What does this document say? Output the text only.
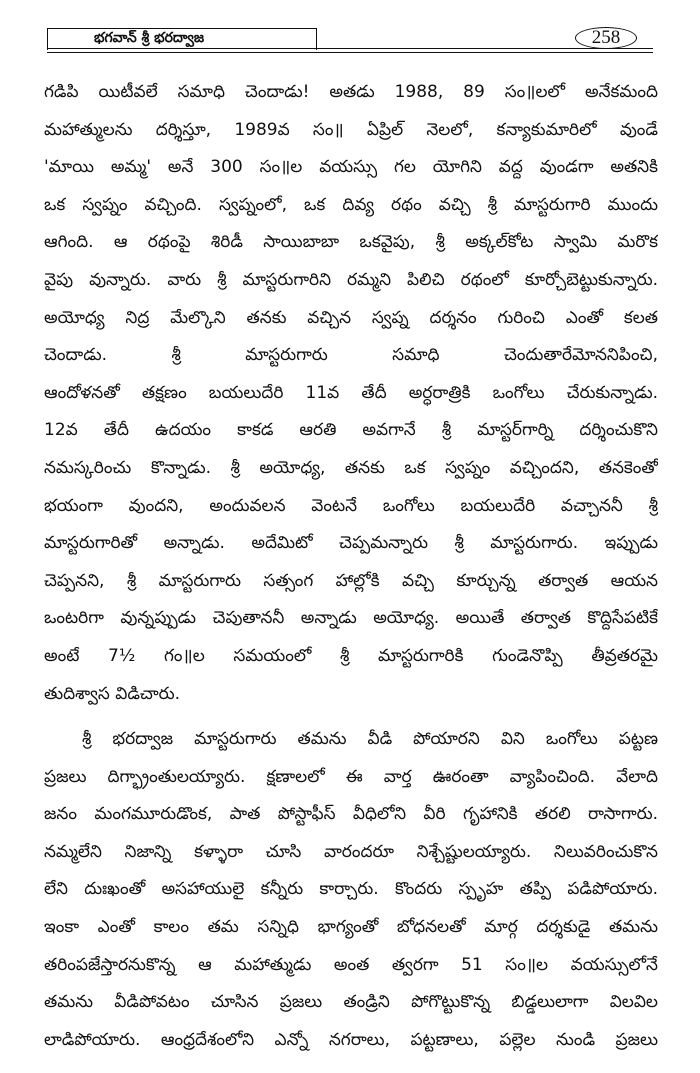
భగవాన్ శ్రీ భరద్వాజ	258
గడిపి యిటీవలే సమాధి చెందాడు! అతడు 1988, 89 సం॥లలో అనేకమంది
మహాత్ములను దర్శిస్తూ, 1989వ సం॥ ఏప్రిల్ నెలలో, కన్యాకుమారిలో వుండే
'మాయి అమ్మ' అనే 300 సం॥ల వయస్సు గల యోగిని వద్ద వుండగా అతనికి
ఒక స్వప్నం వచ్చింది. స్వప్నంలో, ఒక దివ్య రథం వచ్చి శ్రీ మాస్టరుగారి ముందు
ఆగింది. ఆ రథంపై శిరిడీ సాయిబాబా ఒకవైపు, శ్రీ అక్కల్‌కోట స్వామి మరొక
వైపు వున్నారు. వారు శ్రీ మాస్టరుగారిని రమ్మని పిలిచి రథంలో కూర్చోబెట్టుకున్నారు.
అయోధ్య నిద్ర మేల్కొని తనకు వచ్చిన స్వప్న దర్శనం గురించి ఎంతో కలత
చెందాడు. శ్రీ మాస్టరుగారు సమాధి చెందుతారేమోననిపించి,
ఆందోళనతో తక్షణం బయలుదేరి 11వ తేదీ అర్ధరాత్రికి ఒంగోలు చేరుకున్నాడు.
12వ తేదీ ఉదయం కాకడ ఆరతి అవగానే శ్రీ మాస్టర్‌గార్ని దర్శించుకొని
నమస్కరించు కొన్నాడు. శ్రీ అయోధ్య, తనకు ఒక స్వప్నం వచ్చిందని, తనకెంతో
భయంగా వుందని, అందువలన వెంటనే ఒంగోలు బయలుదేరి వచ్చాననీ శ్రీ
మాస్టరుగారితో అన్నాడు. అదేమిటో చెప్పమన్నారు శ్రీ మాస్టరుగారు. ఇప్పుడు
చెప్పనని, శ్రీ మాస్టరుగారు సత్సంగ హాల్లోకి వచ్చి కూర్చున్న తర్వాత ఆయన
ఒంటరిగా వున్నప్పుడు చెపుతాననీ అన్నాడు అయోధ్య. అయితే తర్వాత కొద్దిసేపటికే
అంటే 7½ గం॥ల సమయంలో శ్రీ మాస్టరుగారికి గుండెనొప్పి తీవ్రతరమై
తుదిశ్వాస విడిచారు.
శ్రీ భరద్వాజ మాస్టరుగారు తమను వీడి పోయారని విని ఒంగోలు పట్టణ
ప్రజలు దిగ్భ్రాంతులయ్యారు. క్షణాలలో ఈ వార్త ఊరంతా వ్యాపించింది. వేలాది
జనం మంగమూరుడొంక, పాత పోస్టాఫీస్ వీధిలోని వీరి గృహానికి తరలి రాసాగారు.
నమ్మలేని నిజాన్ని కళ్ళారా చూసి వారందరూ నిశ్చేష్టులయ్యారు. నిలువరించుకొన
లేని దుఃఖంతో అసహాయులై కన్నీరు కార్చారు. కొందరు స్పృహ తప్పి పడిపోయారు.
ఇంకా ఎంతో కాలం తమ సన్నిధి భాగ్యంతో బోధనలతో మార్గ దర్శకుడై తమను
తరింపజేస్తారనుకొన్న ఆ మహాత్ముడు అంత త్వరగా 51 సం॥ల వయస్సులోనే
తమను వీడిపోవటం చూసిన ప్రజలు తండ్రిని పోగొట్టుకొన్న బిడ్డలులాగా విలవిల
లాడిపోయారు. ఆంధ్రదేశంలోని ఎన్నో నగరాలు, పట్టణాలు, పల్లెల నుండి ప్రజలు
